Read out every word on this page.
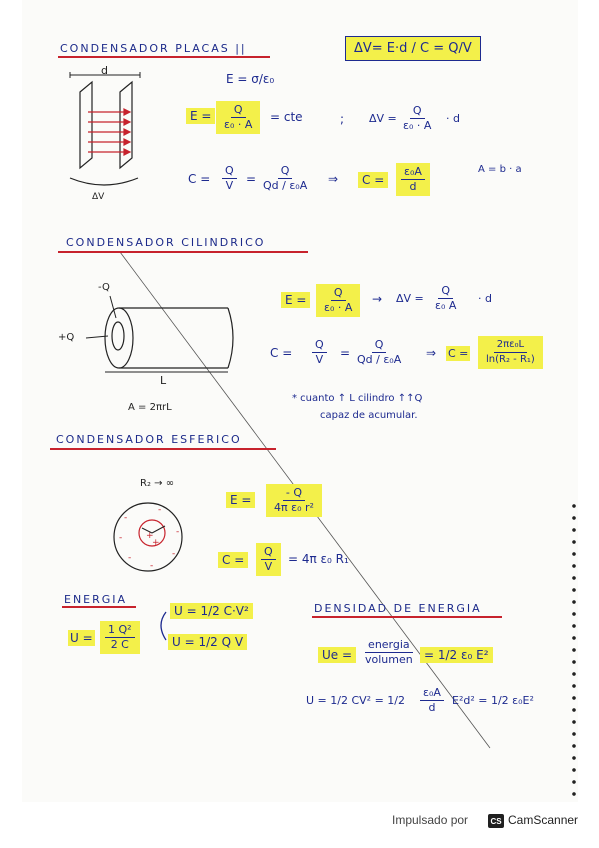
+
+
-
-
-
-
-
-
-
CONDENSADOR PLACAS ||	ΔV= E·d / C = Q/V
d
ΔV
E = σ/ε₀
$E = \frac{Q}{\text{ε₀ · A}}$ = cte	; $\Delta V = \frac{Q}{\text{ε₀ · A}} \cdot d$
$C = \frac{Q}{V} = \frac{Q}{\text{Qd / ε₀A}}$ ⇒	C =	$\frac{\text{ε₀A}}{d}$	A = b · a
CONDENSADOR CILINDRICO
-Q
+Q
L
A = 2πrL
$E = \frac{Q}{\text{ε₀ · A}} \to \Delta V = \frac{Q}{\text{ε₀ A}} \cdot d$
$C = \frac{Q}{V} = \frac{Q}{\text{Qd / ε₀A}}$ ⇒ $C = \frac{\text{2πε₀L}}{\text{ln(R₂ - R₁)}}$
* cuanto ↑ L cilindro ↑↑Q
capaz de acumular.
CONDENSADOR ESFERICO
R₂ → ∞
E =	$\frac{- Q}{\text{4π ε₀ r²}}$
C =	$\frac{Q}{V} = 4\pi$ ε₀ R₁
ENERGIA
$U = \frac{\text{1 Q²}}{2 C}$
U = 1/2 C·V²
U = 1/2 Q V
DENSIDAD DE ENERGIA
Ue =
energia
volumen = 1/2 ε₀ E²
U = 1/2 $CV^2 = 1/2 \frac{\text{ε₀A}}{d} E^2d^2 = 1/2$ ε₀E²
Impulsado por	CS CamScanner
